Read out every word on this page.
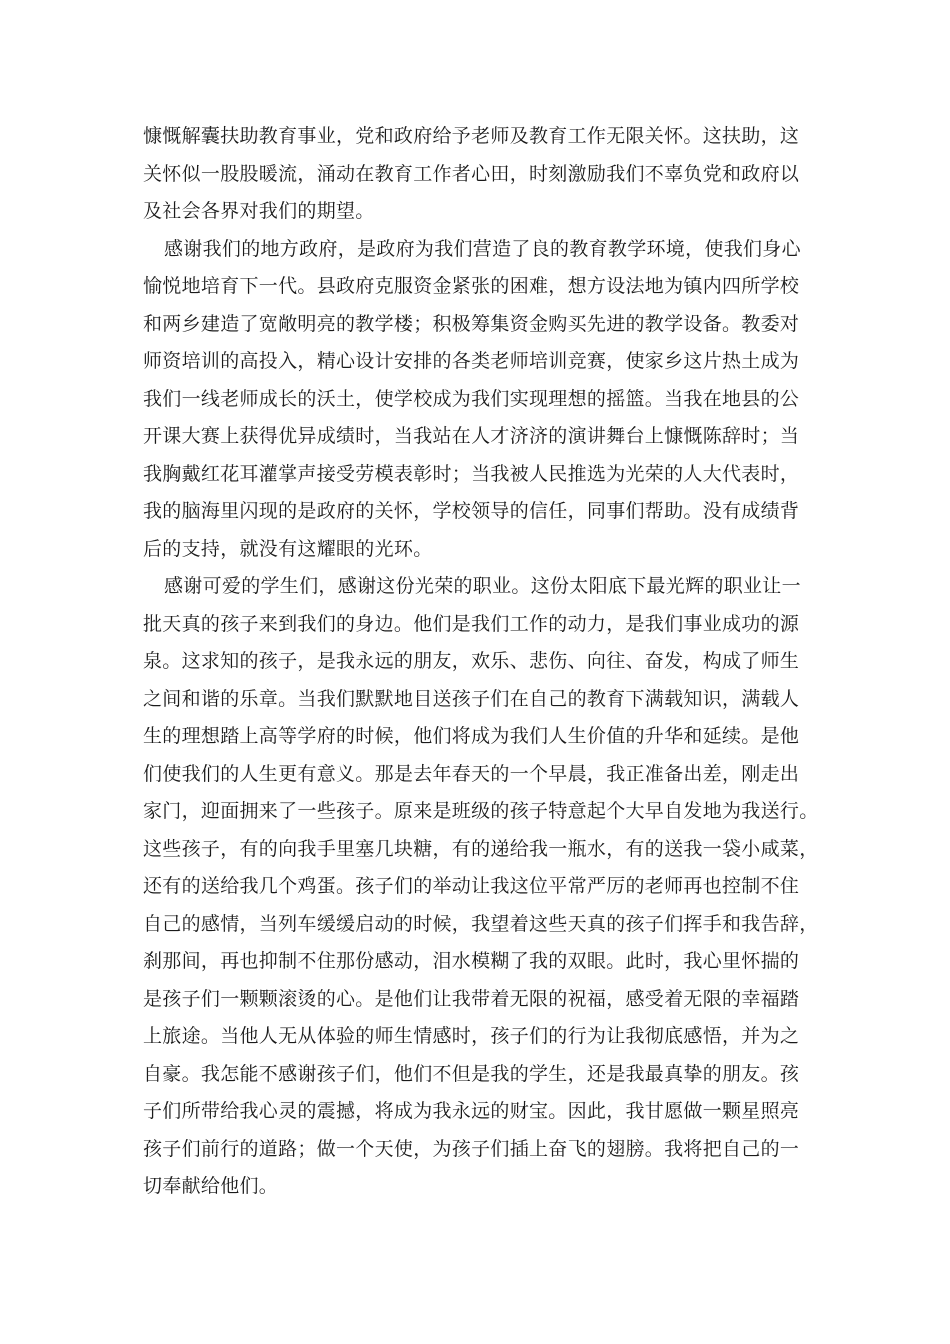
慷慨解囊扶助教育事业，党和政府给予老师及教育工作无限关怀。这扶助，这
关怀似一股股暖流，涌动在教育工作者心田，时刻激励我们不辜负党和政府以
及社会各界对我们的期望。

感谢我们的地方政府，是政府为我们营造了良的教育教学环境，使我们身心
愉悦地培育下一代。县政府克服资金紧张的困难，想方设法地为镇内四所学校
和两乡建造了宽敞明亮的教学楼；积极筹集资金购买先进的教学设备。教委对
师资培训的高投入，精心设计安排的各类老师培训竞赛，使家乡这片热土成为
我们一线老师成长的沃土，使学校成为我们实现理想的摇篮。当我在地县的公
开课大赛上获得优异成绩时，当我站在人才济济的演讲舞台上慷慨陈辞时；当
我胸戴红花耳灌掌声接受劳模表彰时；当我被人民推选为光荣的人大代表时，
我的脑海里闪现的是政府的关怀，学校领导的信任，同事们帮助。没有成绩背
后的支持，就没有这耀眼的光环。

感谢可爱的学生们，感谢这份光荣的职业。这份太阳底下最光辉的职业让一
批天真的孩子来到我们的身边。他们是我们工作的动力，是我们事业成功的源
泉。这求知的孩子，是我永远的朋友，欢乐、悲伤、向往、奋发，构成了师生
之间和谐的乐章。当我们默默地目送孩子们在自己的教育下满载知识，满载人
生的理想踏上高等学府的时候，他们将成为我们人生价值的升华和延续。是他
们使我们的人生更有意义。那是去年春天的一个早晨，我正准备出差，刚走出
家门，迎面拥来了一些孩子。原来是班级的孩子特意起个大早自发地为我送行。
这些孩子，有的向我手里塞几块糖，有的递给我一瓶水，有的送我一袋小咸菜，
还有的送给我几个鸡蛋。孩子们的举动让我这位平常严厉的老师再也控制不住
自己的感情，当列车缓缓启动的时候，我望着这些天真的孩子们挥手和我告辞，
刹那间，再也抑制不住那份感动，泪水模糊了我的双眼。此时，我心里怀揣的
是孩子们一颗颗滚烫的心。是他们让我带着无限的祝福，感受着无限的幸福踏
上旅途。当他人无从体验的师生情感时，孩子们的行为让我彻底感悟，并为之
自豪。我怎能不感谢孩子们，他们不但是我的学生，还是我最真挚的朋友。孩
子们所带给我心灵的震撼，将成为我永远的财宝。因此，我甘愿做一颗星照亮
孩子们前行的道路；做一个天使，为孩子们插上奋飞的翅膀。我将把自己的一
切奉献给他们。
